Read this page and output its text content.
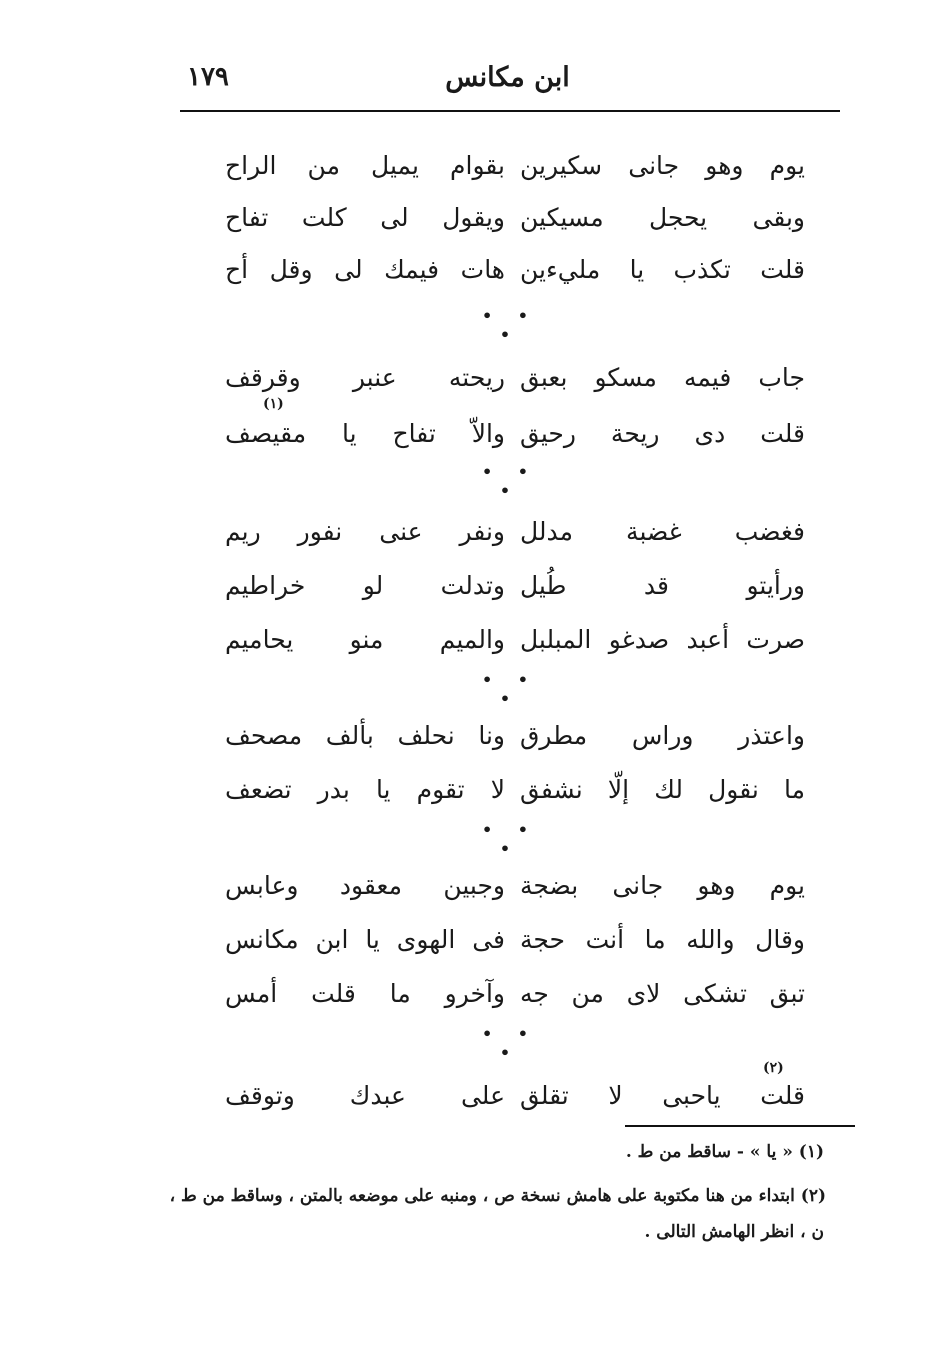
١٧٩	ابن مكانس
يوم وهو جانى سكيرين
بقوام يميل من الراح
وبقى يحجل مسيكين
ويقول لى كلت تفاح
قلت تكذب يا مليءين
هات فيمك لى وقل أح
• • •
جاب فيمه مسكو بعبق
ريحته عنبر وقرقف
(١)
قلت دى ريحة رحيق
والاّ تفاح يا مقيصف
• • •
فغضب غضبة مدلل
ونفر عنى نفور ريم
ورأيتو قد طُيل
وتدلت لو خراطيم
صرت أعبد صدغو المبلبل
والميم منو يحاميم
• • •
واعتذر وراس مطرق
ونا نحلف بألف مصحف
ما نقول لك إلّا نشفق
لا تقوم يا بدر تضعف
• • •
يوم وهو جانى بضجة
وجبين معقود وعابس
وقال والله ما أنت حجة
فى الهوى يا ابن مكانس
تبق تشكى لاى من جه
وآخرو ما قلت أمس
• • •
(٢)
قلت ياحبى لا تقلق
على عبدك وتوقف
(١) « يا » - ساقط من ط .
(٢) ابتداء من هنا مكتوبة على هامش نسخة ص ، ومنبه على موضعه بالمتن ، وساقط من ط ،
ن ، انظر الهامش التالى .
